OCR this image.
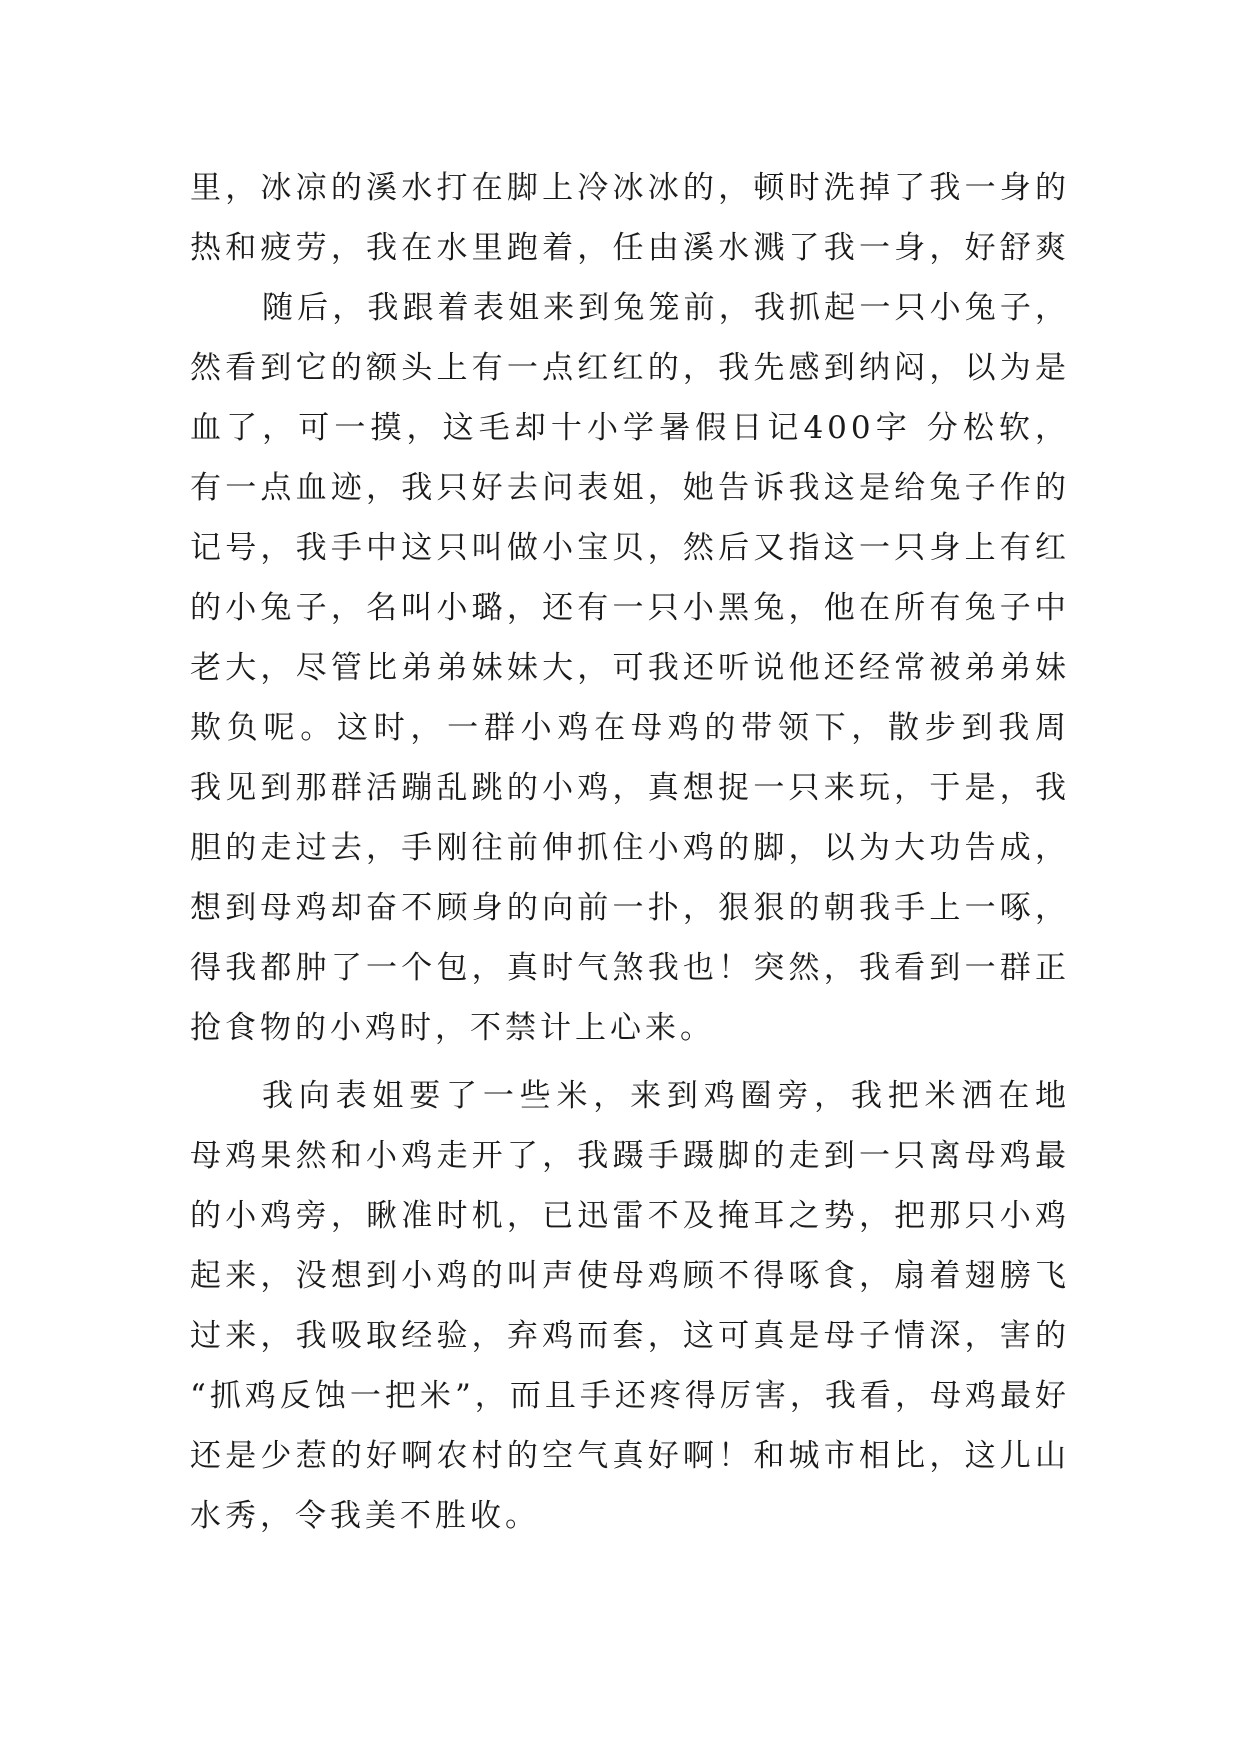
里，冰凉的溪水打在脚上冷冰冰的，顿时洗掉了我一身的
热和疲劳，我在水里跑着，任由溪水溅了我一身，好舒爽
随后，我跟着表姐来到兔笼前，我抓起一只小兔子，
然看到它的额头上有一点红红的，我先感到纳闷，以为是
血了，可一摸，这毛却十小学暑假日记400字 分松软，
有一点血迹，我只好去问表姐，她告诉我这是给兔子作的
记号，我手中这只叫做小宝贝，然后又指这一只身上有红
的小兔子，名叫小璐，还有一只小黑兔，他在所有兔子中
老大，尽管比弟弟妹妹大，可我还听说他还经常被弟弟妹
欺负呢。这时，一群小鸡在母鸡的带领下，散步到我周
我见到那群活蹦乱跳的小鸡，真想捉一只来玩，于是，我
胆的走过去，手刚往前伸抓住小鸡的脚，以为大功告成，
想到母鸡却奋不顾身的向前一扑，狠狠的朝我手上一啄，
得我都肿了一个包，真时气煞我也！突然，我看到一群正
抢食物的小鸡时，不禁计上心来。
我向表姐要了一些米，来到鸡圈旁，我把米洒在地
母鸡果然和小鸡走开了，我蹑手蹑脚的走到一只离母鸡最
的小鸡旁，瞅准时机，已迅雷不及掩耳之势，把那只小鸡
起来，没想到小鸡的叫声使母鸡顾不得啄食，扇着翅膀飞
过来，我吸取经验，弃鸡而套，这可真是母子情深，害的
“抓鸡反蚀一把米”，而且手还疼得厉害，我看，母鸡最好
还是少惹的好啊农村的空气真好啊！和城市相比，这儿山
水秀，令我美不胜收。
